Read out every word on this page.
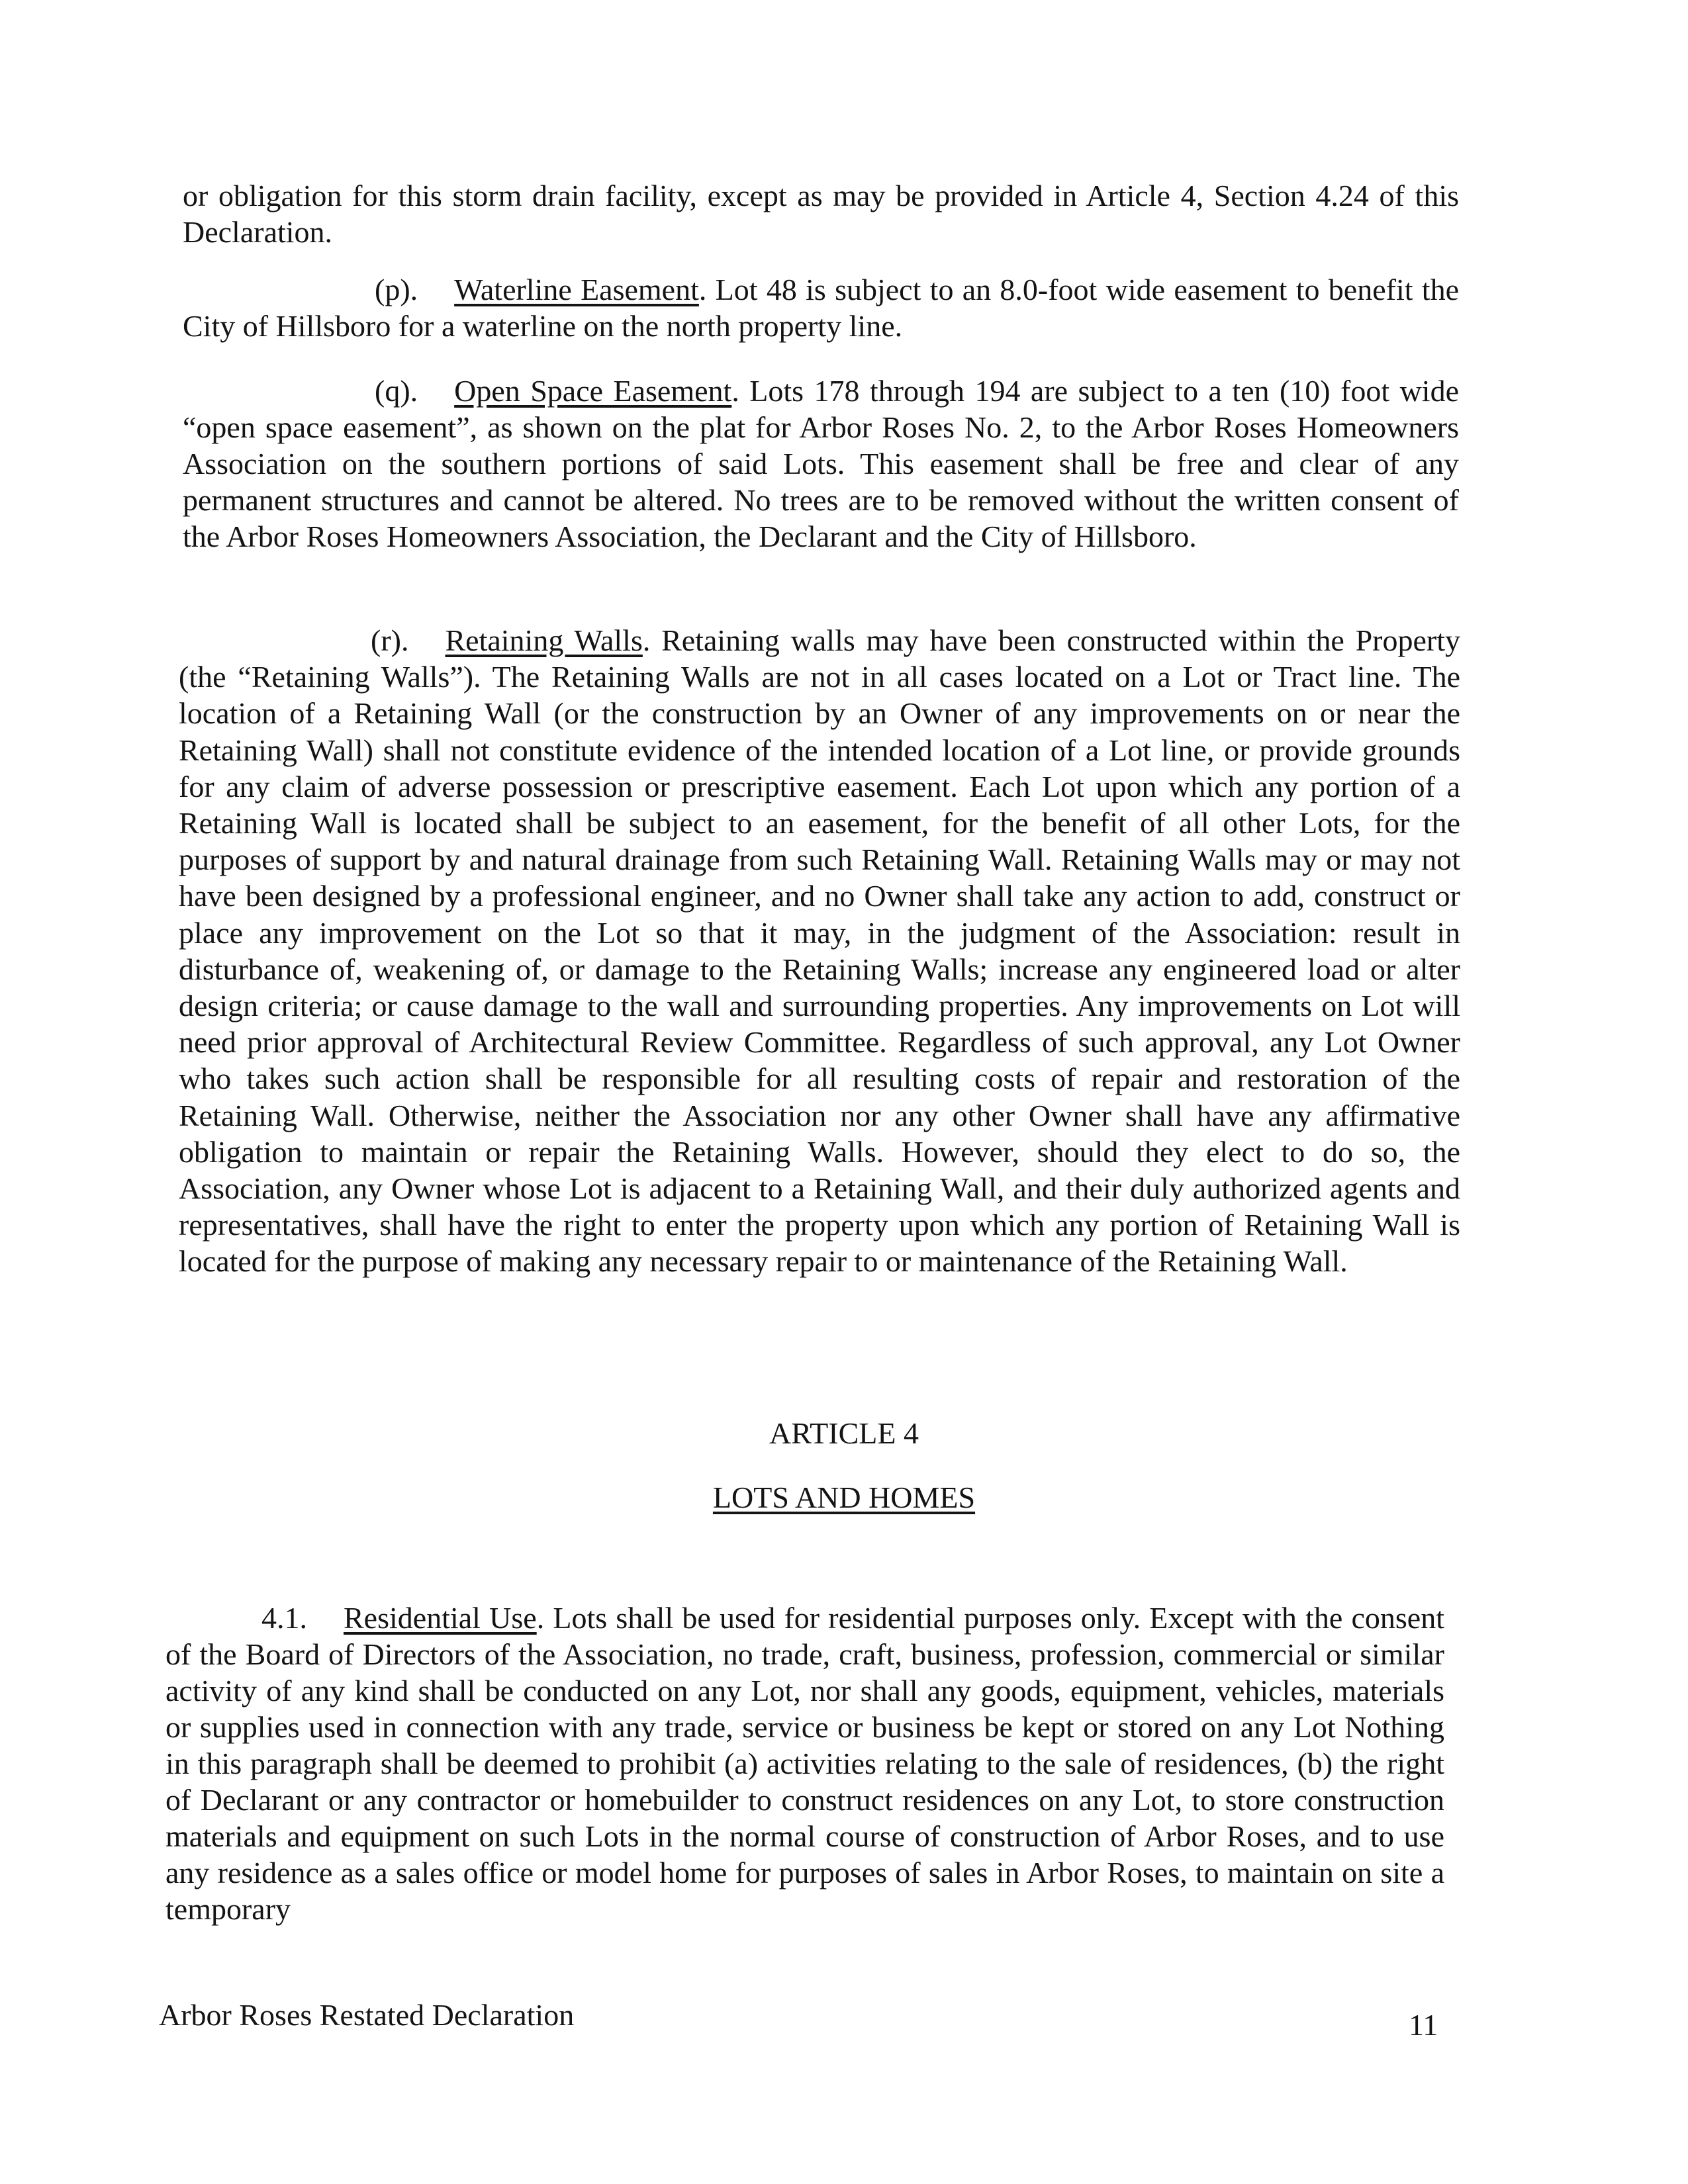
or obligation for this storm drain facility, except as may be provided in Article 4, Section 4.24 of this Declaration.

(p). Waterline Easement. Lot 48 is subject to an 8.0-foot wide easement to benefit the City of Hillsboro for a waterline on the north property line.

(q). Open Space Easement. Lots 178 through 194 are subject to a ten (10) foot wide “open space easement”, as shown on the plat for Arbor Roses No. 2, to the Arbor Roses Homeowners Association on the southern portions of said Lots. This easement shall be free and clear of any permanent structures and cannot be altered. No trees are to be removed without the written consent of the Arbor Roses Homeowners Association, the Declarant and the City of Hillsboro.

(r). Retaining Walls. Retaining walls may have been constructed within the Property (the “Retaining Walls”). The Retaining Walls are not in all cases located on a Lot or Tract line. The location of a Retaining Wall (or the construction by an Owner of any improvements on or near the Retaining Wall) shall not constitute evidence of the intended location of a Lot line, or provide grounds for any claim of adverse possession or prescriptive easement. Each Lot upon which any portion of a Retaining Wall is located shall be subject to an easement, for the benefit of all other Lots, for the purposes of support by and natural drainage from such Retaining Wall. Retaining Walls may or may not have been designed by a professional engineer, and no Owner shall take any action to add, construct or place any improvement on the Lot so that it may, in the judgment of the Association: result in disturbance of, weakening of, or damage to the Retaining Walls; increase any engineered load or alter design criteria; or cause damage to the wall and surrounding properties. Any improvements on Lot will need prior approval of Architectural Review Committee. Regardless of such approval, any Lot Owner who takes such action shall be responsible for all resulting costs of repair and restoration of the Retaining Wall. Otherwise, neither the Association nor any other Owner shall have any affirmative obligation to maintain or repair the Retaining Walls. However, should they elect to do so, the Association, any Owner whose Lot is adjacent to a Retaining Wall, and their duly authorized agents and representatives, shall have the right to enter the property upon which any portion of Retaining Wall is located for the purpose of making any necessary repair to or maintenance of the Retaining Wall.

ARTICLE 4
LOTS AND HOMES

4.1. Residential Use. Lots shall be used for residential purposes only. Except with the consent of the Board of Directors of the Association, no trade, craft, business, profession, commercial or similar activity of any kind shall be conducted on any Lot, nor shall any goods, equipment, vehicles, materials or supplies used in connection with any trade, service or business be kept or stored on any Lot Nothing in this paragraph shall be deemed to prohibit (a) activities relating to the sale of residences, (b) the right of Declarant or any contractor or homebuilder to construct residences on any Lot, to store construction materials and equipment on such Lots in the normal course of construction of Arbor Roses, and to use any residence as a sales office or model home for purposes of sales in Arbor Roses, to maintain on site a temporary

Arbor Roses Restated Declaration	11
